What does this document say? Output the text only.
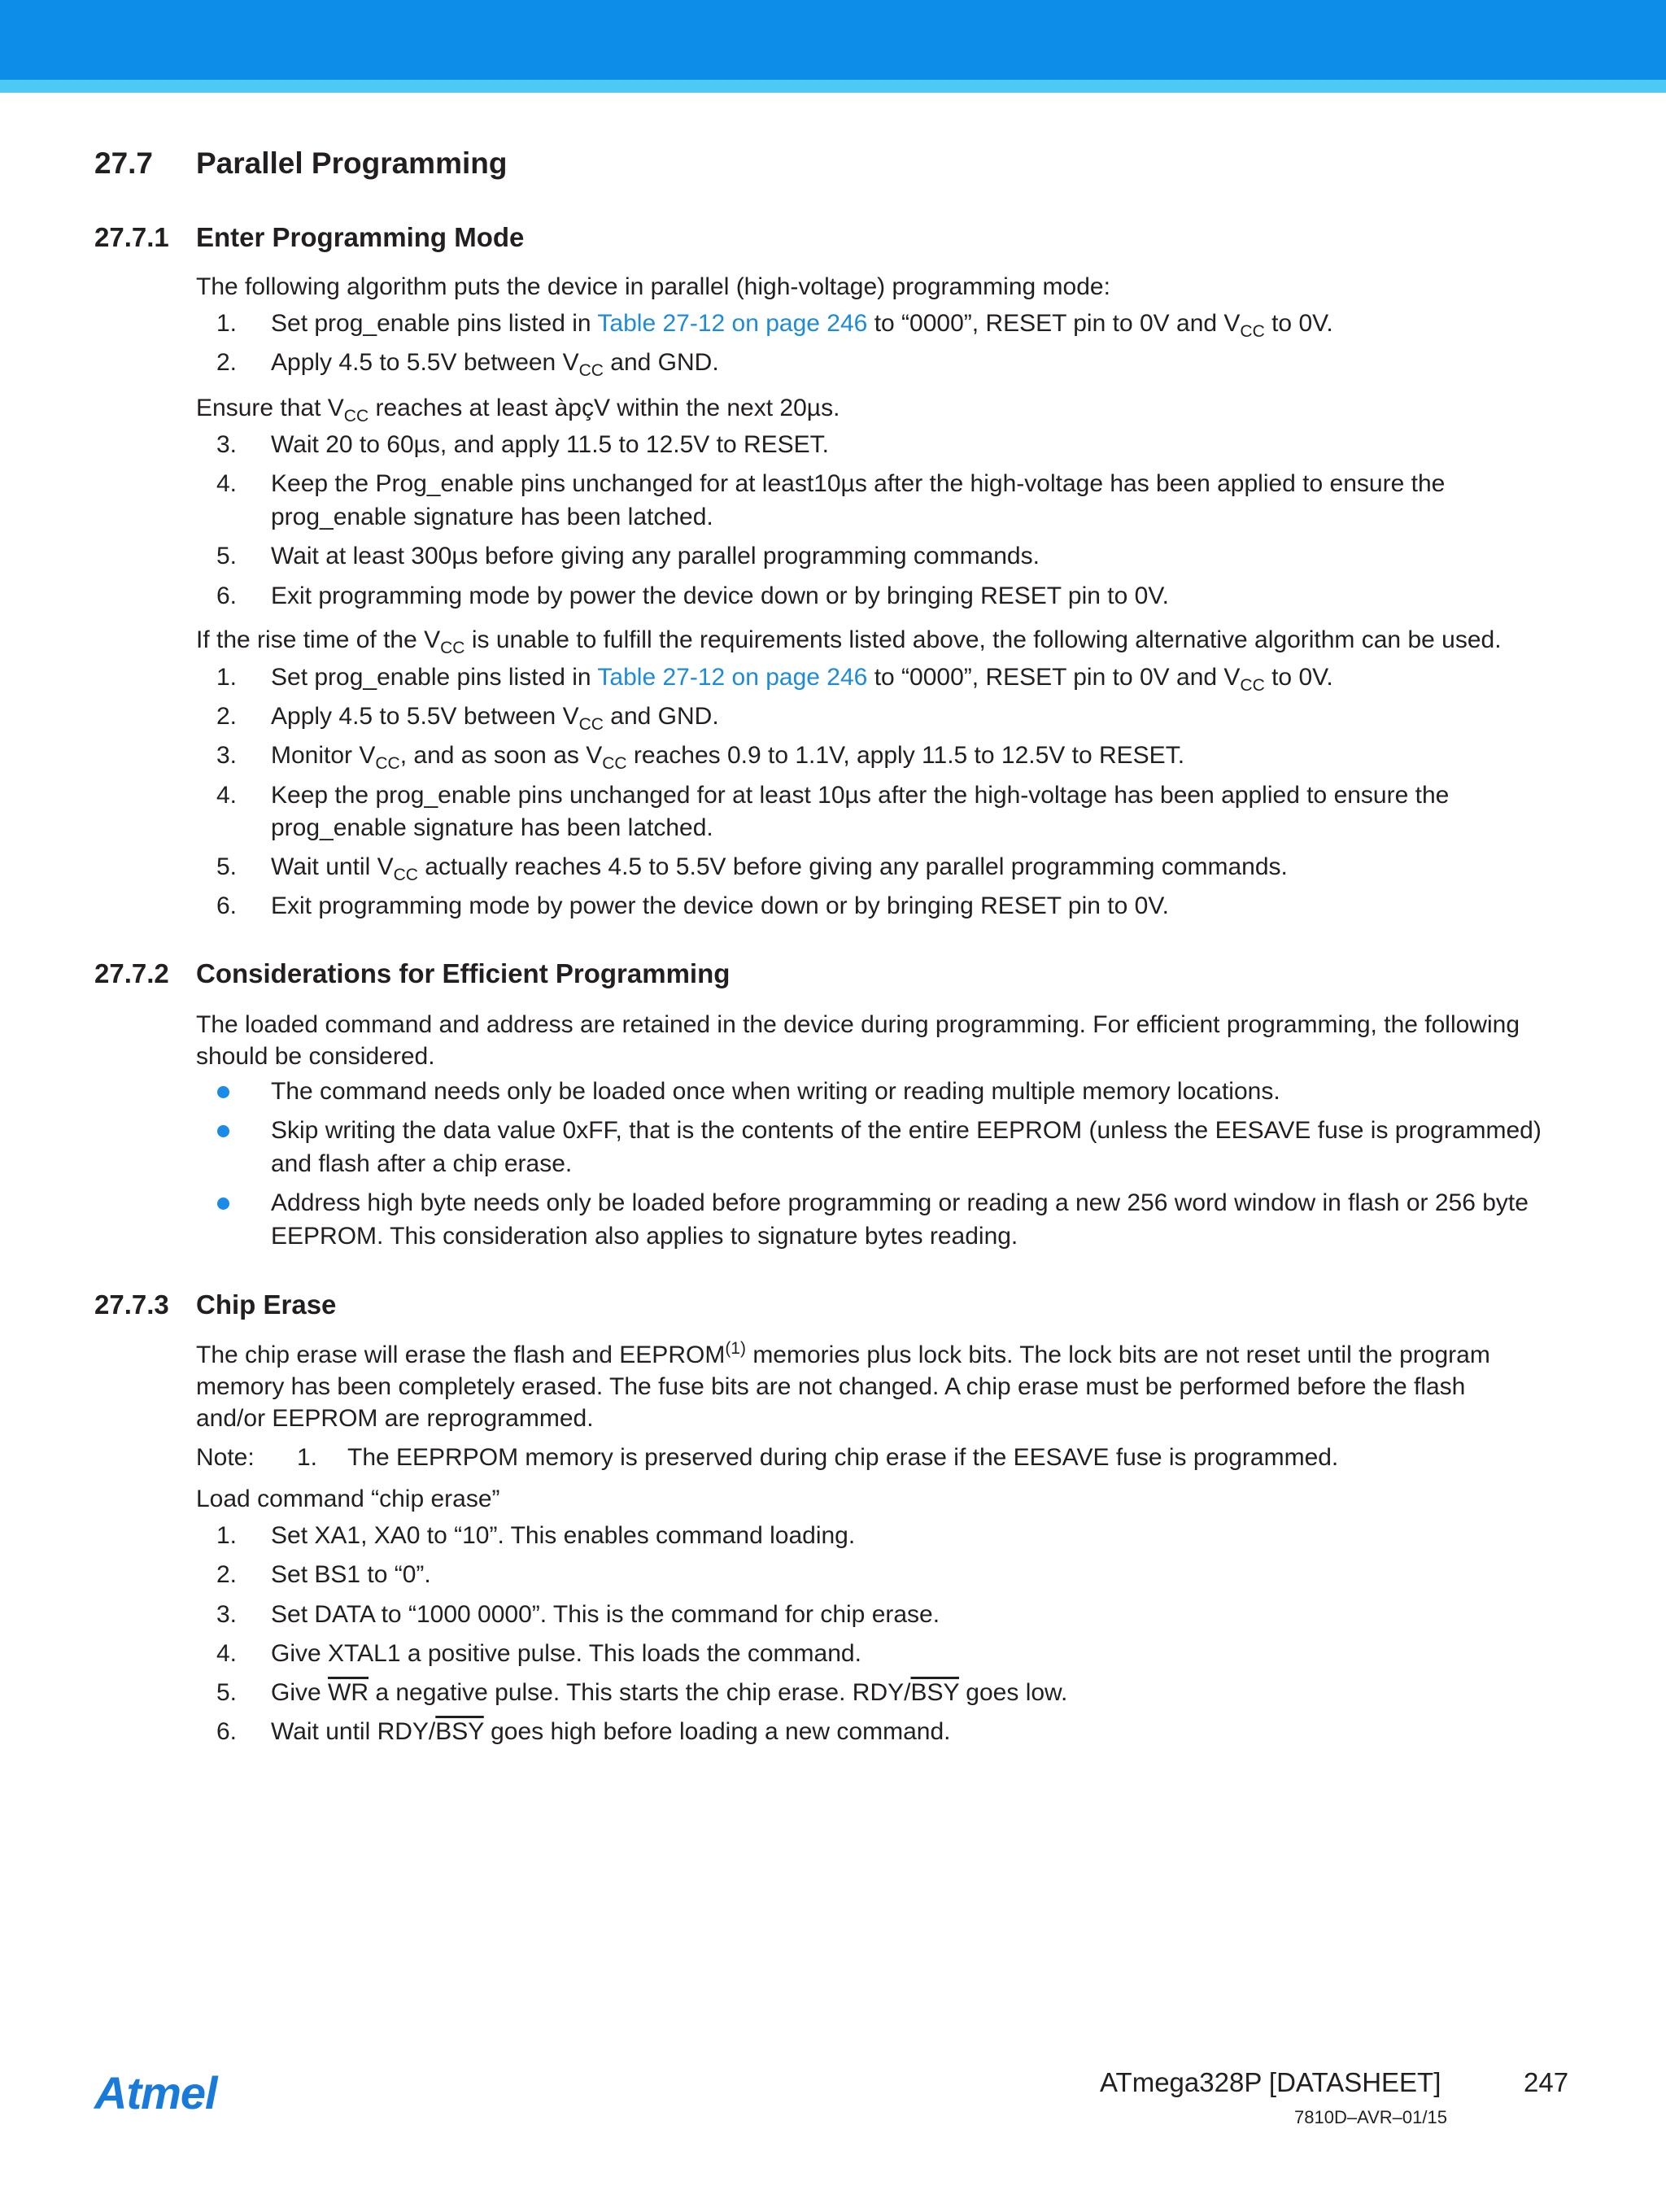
27.7 Parallel Programming
27.7.1 Enter Programming Mode
The following algorithm puts the device in parallel (high-voltage) programming mode:
1. Set prog_enable pins listed in Table 27-12 on page 246 to “0000”, RESET pin to 0V and $V_{CC}$ to 0V.
2. Apply 4.5 to 5.5V between $V_{CC}$ and GND.
Ensure that $V_{CC}$ reaches at least àpçV within the next 20µs.
3. Wait 20 to 60µs, and apply 11.5 to 12.5V to RESET.
4. Keep the Prog_enable pins unchanged for at least10µs after the high-voltage has been applied to ensure the
prog_enable signature has been latched.
5. Wait at least 300µs before giving any parallel programming commands.
6. Exit programming mode by power the device down or by bringing RESET pin to 0V.
If the rise time of the $V_{CC}$ is unable to fulfill the requirements listed above, the following alternative algorithm can be used.
1. Set prog_enable pins listed in Table 27-12 on page 246 to “0000”, RESET pin to 0V and $V_{CC}$ to 0V.
2. Apply 4.5 to 5.5V between $V_{CC}$ and GND.
3. Monitor $V_{CC}$, and as soon as $V_{CC}$ reaches 0.9 to 1.1V, apply 11.5 to 12.5V to RESET.
4. Keep the prog_enable pins unchanged for at least 10µs after the high-voltage has been applied to ensure the
prog_enable signature has been latched.
5. Wait until $V_{CC}$ actually reaches 4.5 to 5.5V before giving any parallel programming commands.
6. Exit programming mode by power the device down or by bringing RESET pin to 0V.
27.7.2 Considerations for Efficient Programming
The loaded command and address are retained in the device during programming. For efficient programming, the following
should be considered.
The command needs only be loaded once when writing or reading multiple memory locations.
Skip writing the data value 0xFF, that is the contents of the entire EEPROM (unless the EESAVE fuse is programmed)
and flash after a chip erase.
Address high byte needs only be loaded before programming or reading a new 256 word window in flash or 256 byte
EEPROM. This consideration also applies to signature bytes reading.
27.7.3 Chip Erase
The chip erase will erase the flash and EEPROM$^{(1)}$ memories plus lock bits. The lock bits are not reset until the program
memory has been completely erased. The fuse bits are not changed. A chip erase must be performed before the flash
and/or EEPROM are reprogrammed.
Note: 1. The EEPRPOM memory is preserved during chip erase if the EESAVE fuse is programmed.
Load command “chip erase”
1. Set XA1, XA0 to “10”. This enables command loading.
2. Set BS1 to “0”.
3. Set DATA to “1000 0000”. This is the command for chip erase.
4. Give XTAL1 a positive pulse. This loads the command.
5. Give $\overline{WR}$ a negative pulse. This starts the chip erase. RDY/$\overline{BSY}$ goes low.
6. Wait until RDY/$\overline{BSY}$ goes high before loading a new command.
Atmel	ATmega328P [DATASHEET]	247
7810D–AVR–01/15
